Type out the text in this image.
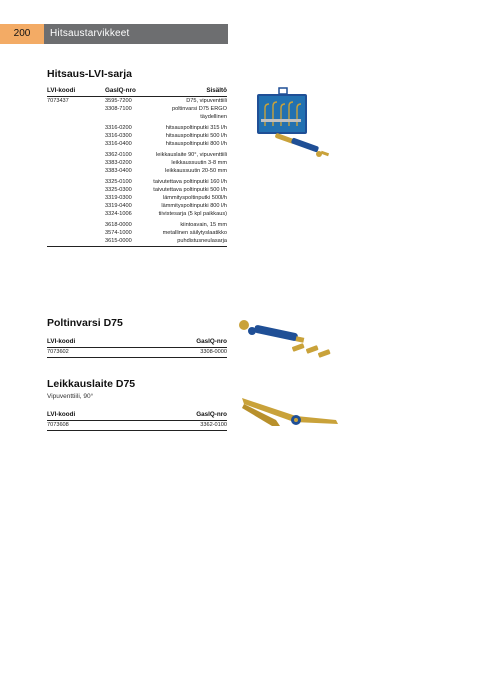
200	Hitsaustarvikkeet
Hitsaus-LVI-sarja
LVI-koodi	GasIQ-nro	Sisältö
7073437	3595-7200	D75, vipuventtiili
	3308-7100	poltinvarsi D75 ERGO
		täydellinen
	3316-0200	hitsauspoltinputki 315 l/h
	3316-0300	hitsauspoltinputki 500 l/h
	3316-0400	hitsauspoltinputki 800 l/h
	3362-0100	leikkauslaite 90°, vipuventtiili
	3383-0200	leikkaussuutin 3-8 mm
	3383-0400	leikkaussuutin 20-50 mm
	3325-0100	taivutettava poltinputki 160 l/h
	3325-0300	taivutettava poltinputki 500 l/h
	3319-0300	lämmityspoltinputki 500l/h
	3319-0400	lämmityspoltinputki 800 l/h
	3324-1006	tiivistesarja (5 kpl paikkaus)
	3618-0000	kiintoavain, 15 mm
	3574-1000	metallinen säilytyslaatikko
	3615-0000	puhdistusneulasarja
Poltinvarsi D75
LVI-koodi	GasIQ-nro
7073602	3308-0000
Leikkauslaite D75
Vipuventtiili, 90°
LVI-koodi	GasIQ-nro
7073608	3362-0100
